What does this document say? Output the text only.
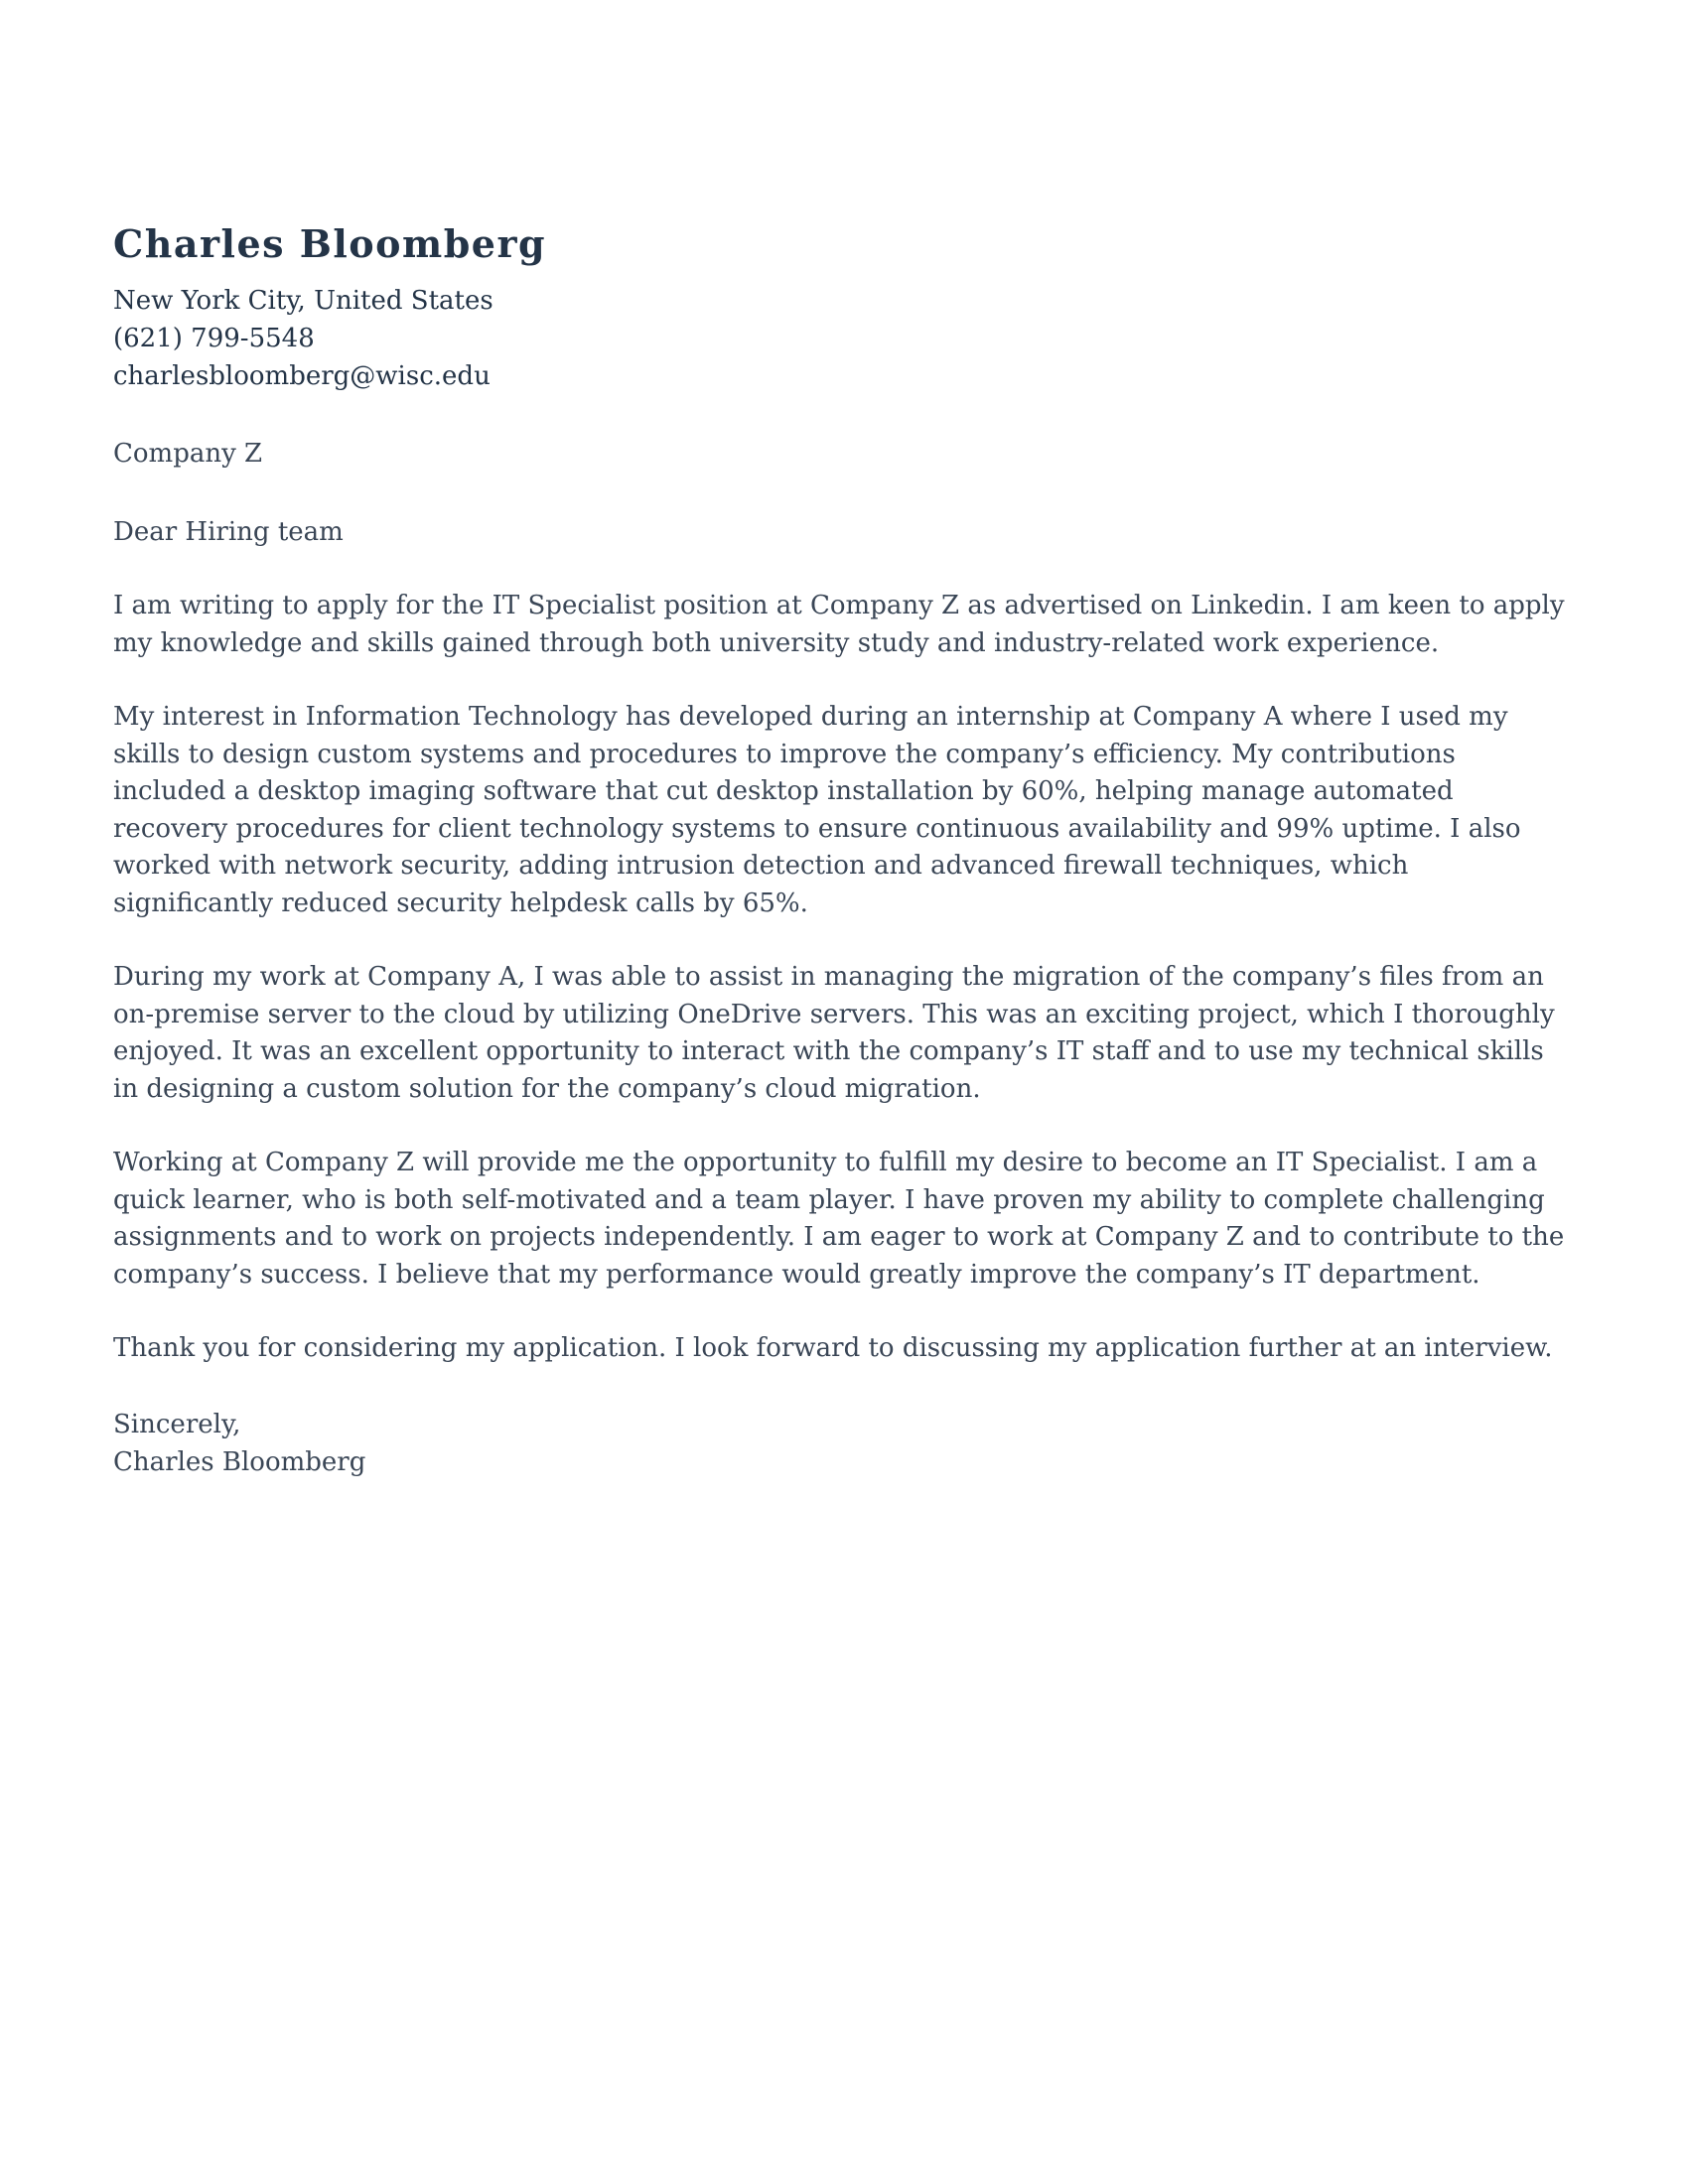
Charles Bloomberg
New York City, United States
(621) 799-5548
charlesbloomberg@wisc.edu
Company Z
Dear Hiring team

I am writing to apply for the IT Specialist position at Company Z as advertised on Linkedin. I am keen to apply my knowledge and skills gained through both university study and industry-related work experience.

My interest in Information Technology has developed during an internship at Company A where I used my skills to design custom systems and procedures to improve the company’s efficiency. My contributions included a desktop imaging software that cut desktop installation by 60%, helping manage automated recovery procedures for client technology systems to ensure continuous availability and 99% uptime. I also worked with network security, adding intrusion detection and advanced firewall techniques, which significantly reduced security helpdesk calls by 65%.

During my work at Company A, I was able to assist in managing the migration of the company’s files from an on-premise server to the cloud by utilizing OneDrive servers. This was an exciting project, which I thoroughly enjoyed. It was an excellent opportunity to interact with the company’s IT staff and to use my technical skills in designing a custom solution for the company’s cloud migration.

Working at Company Z will provide me the opportunity to fulfill my desire to become an IT Specialist. I am a quick learner, who is both self-motivated and a team player. I have proven my ability to complete challenging assignments and to work on projects independently. I am eager to work at Company Z and to contribute to the company’s success. I believe that my performance would greatly improve the company’s IT department.

Thank you for considering my application. I look forward to discussing my application further at an interview.

Sincerely,
Charles Bloomberg
